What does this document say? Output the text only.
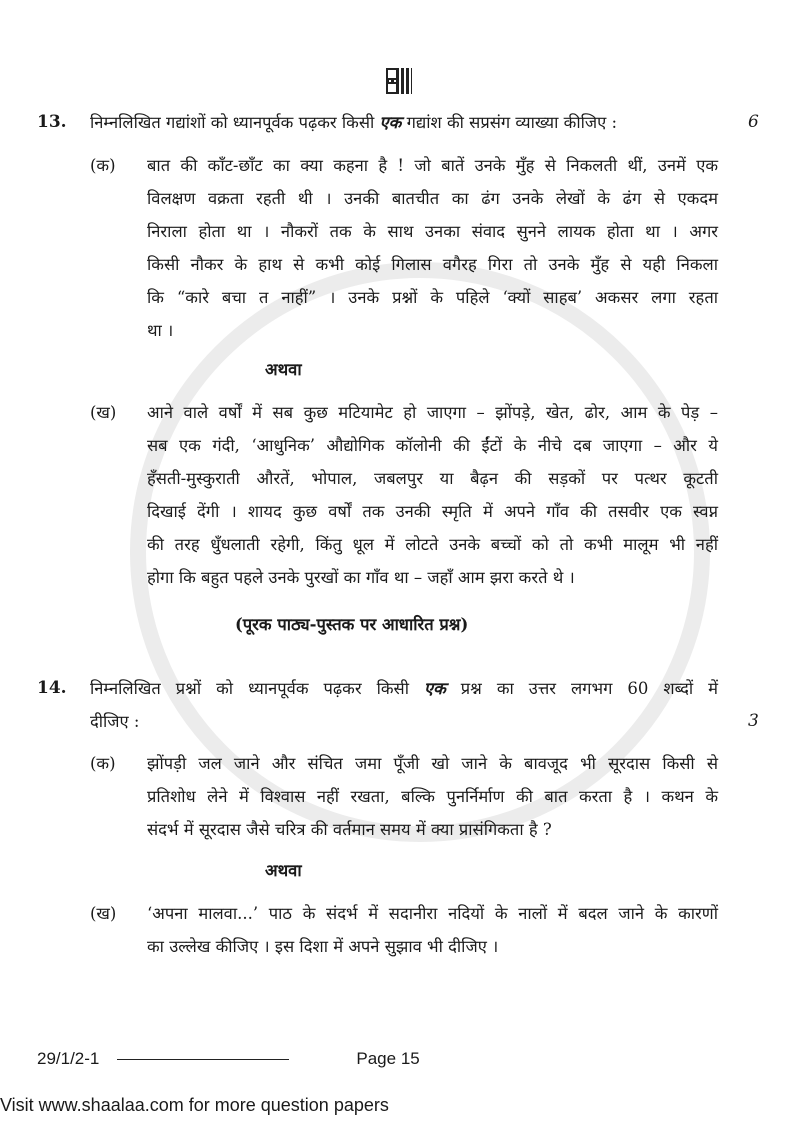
13.	निम्नलिखित गद्यांशों को ध्यानपूर्वक पढ़कर किसी एक गद्यांश की सप्रसंग व्याख्या कीजिए :	6
(क)	बात की काँट-छाँट का क्या कहना है ! जो बातें उनके मुँह से निकलती थीं, उनमें एक
विलक्षण वक्रता रहती थी । उनकी बातचीत का ढंग उनके लेखों के ढंग से एकदम
निराला होता था । नौकरों तक के साथ उनका संवाद सुनने लायक होता था । अगर
किसी नौकर के हाथ से कभी कोई गिलास वगैरह गिरा तो उनके मुँह से यही निकला
कि “कारे बचा त नाहीं” । उनके प्रश्नों के पहिले ‘क्यों साहब’ अकसर लगा रहता
था ।
अथवा
(ख)	आने वाले वर्षों में सब कुछ मटियामेट हो जाएगा – झोंपड़े, खेत, ढोर, आम के पेड़ –
सब एक गंदी, ‘आधुनिक’ औद्योगिक कॉलोनी की ईंटों के नीचे दब जाएगा – और ये
हँसती-मुस्कुराती औरतें, भोपाल, जबलपुर या बैढ़न की सड़कों पर पत्थर कूटती
दिखाई देंगी । शायद कुछ वर्षों तक उनकी स्मृति में अपने गाँव की तसवीर एक स्वप्न
की तरह धुँधलाती रहेगी, किंतु धूल में लोटते उनके बच्चों को तो कभी मालूम भी नहीं
होगा कि बहुत पहले उनके पुरखों का गाँव था – जहाँ आम झरा करते थे ।
(पूरक पाठ्य-पुस्तक पर आधारित प्रश्न)
14.	निम्नलिखित प्रश्नों को ध्यानपूर्वक पढ़कर किसी एक प्रश्न का उत्तर लगभग 60 शब्दों में
दीजिए :	3
(क)	झोंपड़ी जल जाने और संचित जमा पूँजी खो जाने के बावजूद भी सूरदास किसी से
प्रतिशोध लेने में विश्वास नहीं रखता, बल्कि पुनर्निर्माण की बात करता है । कथन के
संदर्भ में सूरदास जैसे चरित्र की वर्तमान समय में क्या प्रासंगिकता है ?
अथवा
(ख)	‘अपना मालवा...’ पाठ के संदर्भ में सदानीरा नदियों के नालों में बदल जाने के कारणों
का उल्लेख कीजिए । इस दिशा में अपने सुझाव भी दीजिए ।
29/1/2-1	Page 15
Visit www.shaalaa.com for more question papers
